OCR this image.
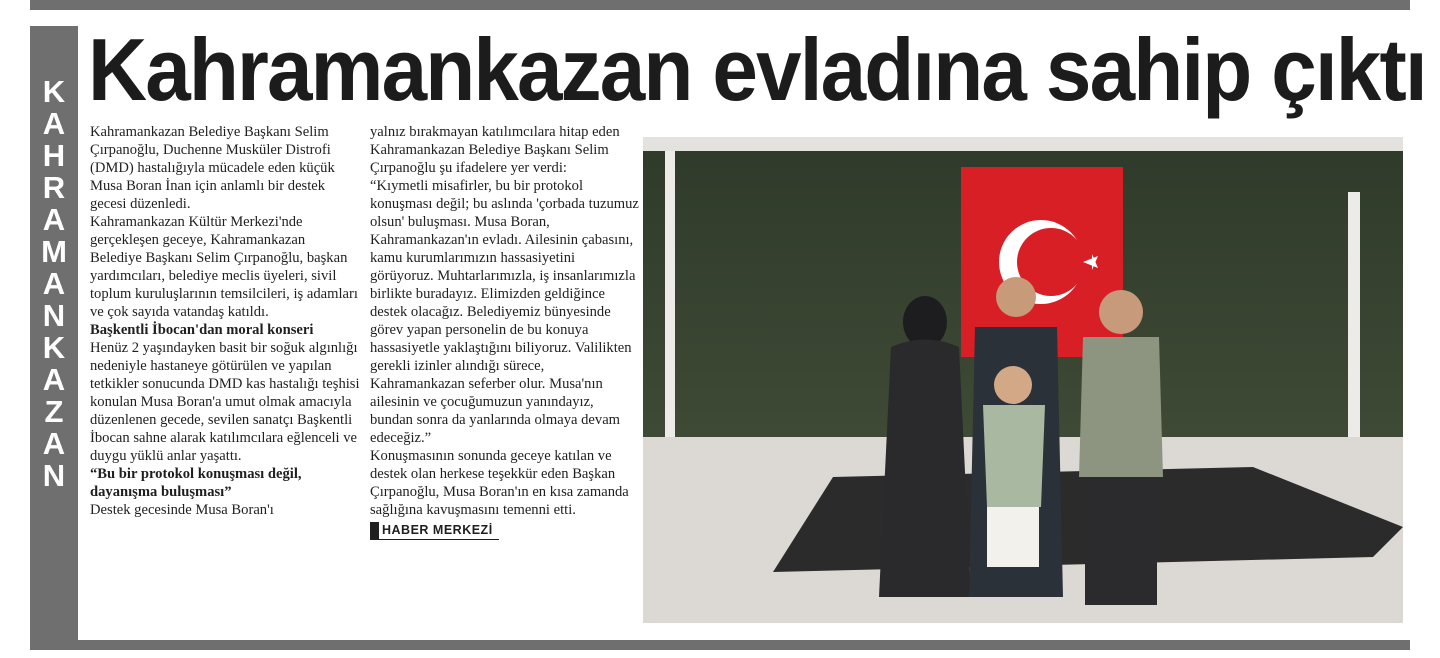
K
A
H
R
A
M
A
N
K
A
Z
A
N
Kahramankazan evladına sahip çıktı

Kahramankazan Belediye Başkanı Selim Çırpanoğlu, Duchenne Musküler Distrofi (DMD) hastalığıyla mücadele eden küçük Musa Boran İnan için anlamlı bir destek gecesi düzenledi.

Kahramankazan Kültür Merkezi'nde gerçekleşen geceye, Kahramankazan Belediye Başkanı Selim Çırpanoğlu, başkan yardımcıları, belediye meclis üyeleri, sivil toplum kuruluşlarının temsilcileri, iş adamları ve çok sayıda vatandaş katıldı.

Başkentli İbocan'dan moral konseri

Henüz 2 yaşındayken basit bir soğuk algınlığı nedeniyle hastaneye götürülen ve yapılan tetkikler sonucunda DMD kas hastalığı teşhisi konulan Musa Boran'a umut olmak amacıyla düzenlenen gecede, sevilen sanatçı Başkentli İbocan sahne alarak katılımcılara eğlenceli ve duygu yüklü anlar yaşattı.

“Bu bir protokol konuşması değil, dayanışma buluşması”

Destek gecesinde Musa Boran'ı

yalnız bırakmayan katılımcılara hitap eden Kahramankazan Belediye Başkanı Selim Çırpanoğlu şu ifadelere yer verdi:

“Kıymetli misafirler, bu bir protokol konuşması değil; bu aslında 'çorbada tuzumuz olsun' buluşması. Musa Boran, Kahramankazan'ın evladı. Ailesinin çabasını, kamu kurumlarımızın hassasiyetini görüyoruz. Muhtarlarımızla, iş insanlarımızla birlikte buradayız. Elimizden geldiğince destek olacağız. Belediyemiz bünyesinde görev yapan personelin de bu konuya hassasiyetle yaklaştığını biliyoruz. Valilikten gerekli izinler alındığı sürece, Kahramankazan seferber olur. Musa'nın ailesinin ve çocuğumuzun yanındayız, bundan sonra da yanlarında olmaya devam edeceğiz.”

Konuşmasının sonunda geceye katılan ve destek olan herkese teşekkür eden Başkan Çırpanoğlu, Musa Boran'ın en kısa zamanda sağlığına kavuşmasını temenni etti.

HABER MERKEZİ
